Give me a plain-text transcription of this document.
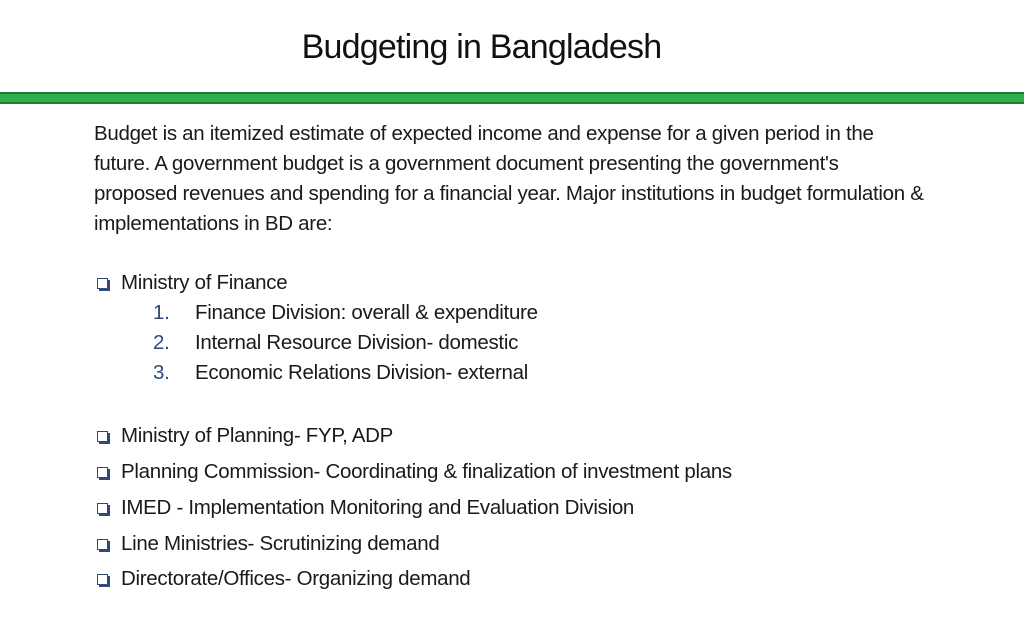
Budgeting in Bangladesh

Budget is an itemized estimate of expected income and expense for a given period in the future. A government budget is a government document presenting the government's proposed revenues and spending for a financial year. Major institutions in budget formulation & implementations in BD are:

Ministry of Finance
1.	Finance Division: overall & expenditure
2.	Internal Resource Division- domestic
3.	Economic Relations Division- external
Ministry of Planning- FYP, ADP
Planning Commission- Coordinating & finalization of investment plans
IMED - Implementation Monitoring and Evaluation Division
Line Ministries- Scrutinizing demand
Directorate/Offices- Organizing demand
